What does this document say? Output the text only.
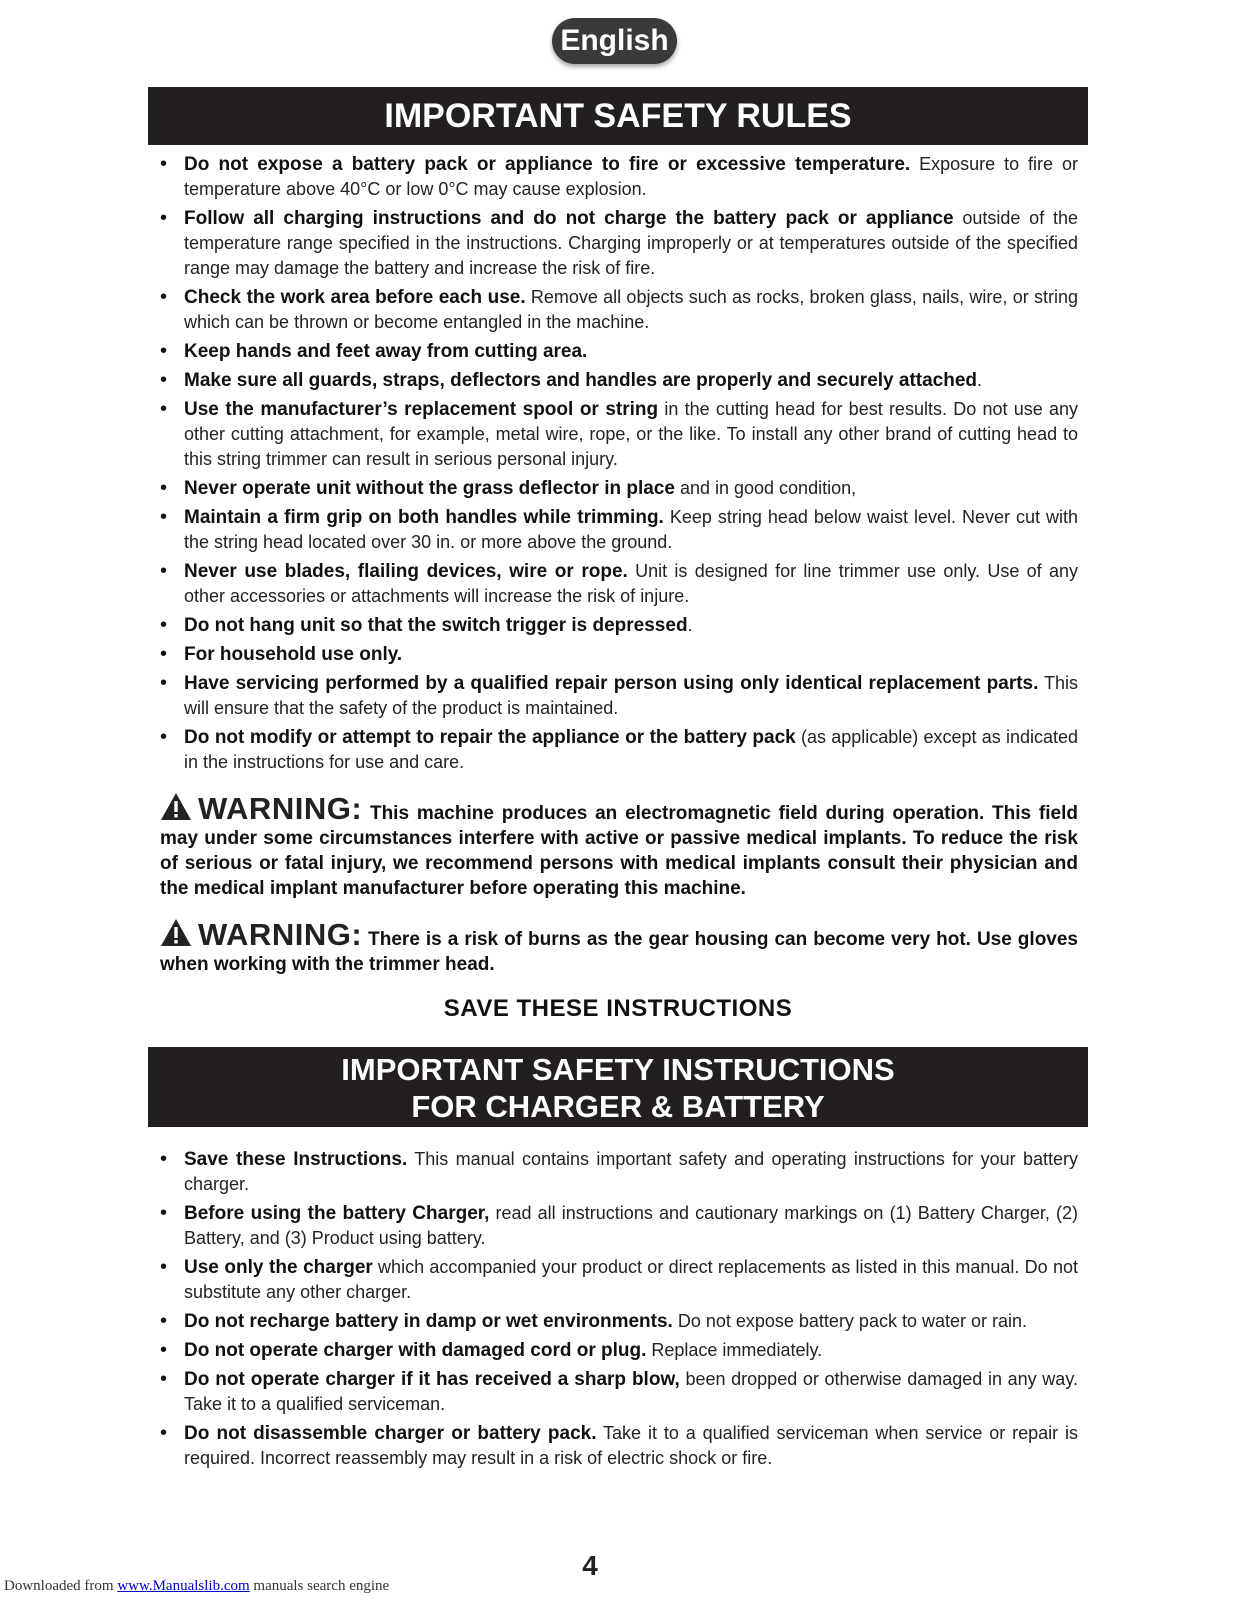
English
IMPORTANT SAFETY RULES
• Do not expose a battery pack or appliance to fire or excessive temperature. Exposure to fire or temperature above 40°C or low 0°C may cause explosion.
• Follow all charging instructions and do not charge the battery pack or appliance outside of the temperature range specified in the instructions. Charging improperly or at temperatures outside of the specified range may damage the battery and increase the risk of fire.
• Check the work area before each use. Remove all objects such as rocks, broken glass, nails, wire, or string which can be thrown or become entangled in the machine.
• Keep hands and feet away from cutting area.
• Make sure all guards, straps, deflectors and handles are properly and securely attached.
• Use the manufacturer’s replacement spool or string in the cutting head for best results. Do not use any other cutting attachment, for example, metal wire, rope, or the like. To install any other brand of cutting head to this string trimmer can result in serious personal injury.
• Never operate unit without the grass deflector in place and in good condition,
• Maintain a firm grip on both handles while trimming. Keep string head below waist level. Never cut with the string head located over 30 in. or more above the ground.
• Never use blades, flailing devices, wire or rope. Unit is designed for line trimmer use only. Use of any other accessories or attachments will increase the risk of injure.
• Do not hang unit so that the switch trigger is depressed.
• For household use only.
• Have servicing performed by a qualified repair person using only identical replacement parts. This will ensure that the safety of the product is maintained.
• Do not modify or attempt to repair the appliance or the battery pack (as applicable) except as indicated in the instructions for use and care.
WARNING: This machine produces an electromagnetic field during operation. This field may under some circumstances interfere with active or passive medical implants. To reduce the risk of serious or fatal injury, we recommend persons with medical implants consult their physician and the medical implant manufacturer before operating this machine.
WARNING: There is a risk of burns as the gear housing can become very hot. Use gloves when working with the trimmer head.
SAVE THESE INSTRUCTIONS
IMPORTANT SAFETY INSTRUCTIONS
FOR CHARGER & BATTERY
• Save these Instructions. This manual contains important safety and operating instructions for your battery charger.
• Before using the battery Charger, read all instructions and cautionary markings on (1) Battery Charger, (2) Battery, and (3) Product using battery.
• Use only the charger which accompanied your product or direct replacements as listed in this manual. Do not substitute any other charger.
• Do not recharge battery in damp or wet environments. Do not expose battery pack to water or rain.
• Do not operate charger with damaged cord or plug. Replace immediately.
• Do not operate charger if it has received a sharp blow, been dropped or otherwise damaged in any way. Take it to a qualified serviceman.
• Do not disassemble charger or battery pack. Take it to a qualified serviceman when service or repair is required. Incorrect reassembly may result in a risk of electric shock or fire.
4
Downloaded from www.Manualslib.com manuals search engine
